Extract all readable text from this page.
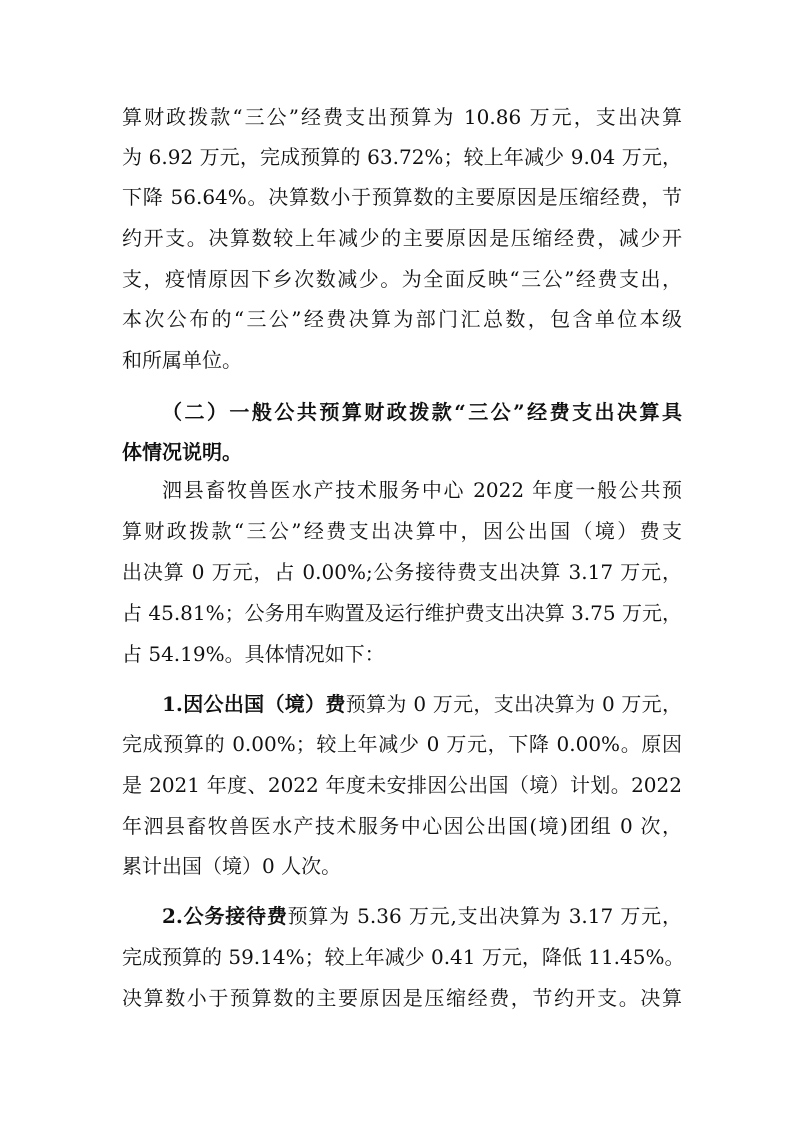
算财政拨款“三公”经费支出预算为 10.86 万元，支出决算
为 6.92 万元，完成预算的 63.72%；较上年减少 9.04 万元，
下降 56.64%。决算数小于预算数的主要原因是压缩经费，节
约开支。决算数较上年减少的主要原因是压缩经费，减少开
支，疫情原因下乡次数减少。为全面反映“三公”经费支出，
本次公布的“三公”经费决算为部门汇总数，包含单位本级
和所属单位。
（二）一般公共预算财政拨款“三公”经费支出决算具
体情况说明。
泗县畜牧兽医水产技术服务中心 2022 年度一般公共预
算财政拨款“三公”经费支出决算中，因公出国（境）费支
出决算 0 万元，占 0.00%;公务接待费支出决算 3.17 万元，
占 45.81%；公务用车购置及运行维护费支出决算 3.75 万元，
占 54.19%。具体情况如下：
1.因公出国（境）费预算为 0 万元，支出决算为 0 万元，
完成预算的 0.00%；较上年减少 0 万元，下降 0.00%。原因
是 2021 年度、2022 年度未安排因公出国（境）计划。2022
年泗县畜牧兽医水产技术服务中心因公出国(境)团组 0 次，
累计出国（境）0 人次。
2.公务接待费预算为 5.36 万元,支出决算为 3.17 万元，
完成预算的 59.14%；较上年减少 0.41 万元，降低 11.45%。
决算数小于预算数的主要原因是压缩经费，节约开支。决算
